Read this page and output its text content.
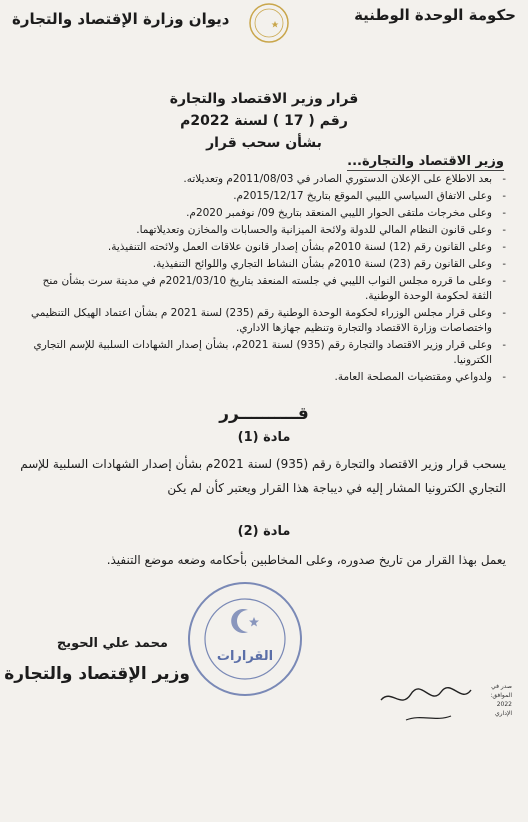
حكومة الوحدة الوطنية
ديوان وزارة الإقتصاد والتجارة
قرار وزير الاقتصاد والتجارة
رقم ( 17 ) لسنة 2022م
بشأن سحب قرار
وزير الاقتصاد والتجارة...
-
بعد الاطلاع على الإعلان الدستوري الصادر في 2011/08/03م وتعديلاته.
-
وعلى الاتفاق السياسي الليبي الموقع بتاريخ 2015/12/17م.
-
وعلى مخرجات ملتقى الحوار الليبي المنعقد بتاريخ 09/ نوفمبر 2020م.
-
وعلى قانون النظام المالي للدولة ولائحة الميزانية والحسابات والمخازن وتعديلاتهما.
-
وعلى القانون رقم (12) لسنة 2010م بشأن إصدار قانون علاقات العمل ولائحته التنفيذية.
-
وعلى القانون رقم (23) لسنة 2010م بشأن النشاط التجاري واللوائح التنفيذية.
-
وعلى ما قرره مجلس النواب الليبي في جلسته المنعقد بتاريخ 2021/03/10م في مدينة سرت بشأن منح الثقة لحكومة الوحدة الوطنية.
-
وعلى قرار مجلس الوزراء لحكومة الوحدة الوطنية رقم (235) لسنة 2021 م بشأن اعتماد الهيكل التنظيمي واختصاصات وزارة الاقتصاد والتجارة وتنظيم جهازها الاداري.
-
وعلى قرار وزير الاقتصاد والتجارة رقم (935) لسنة 2021م، بشأن إصدار الشهادات السلبية للإسم التجاري الكترونيا.
-
ولدواعي ومقتضيات المصلحة العامة.
قــــــــــرر
مادة (1)
يسحب قرار وزير الاقتصاد والتجارة رقم (935) لسنة 2021م بشأن إصدار الشهادات السلبية للإسم التجاري الكترونيا المشار إليه في ديباجة هذا القرار ويعتبر كأن لم يكن
مادة (2)
يعمل بهذا القرار من تاريخ صدوره، وعلى المخاطبين بأحكامه وضعه موضع التنفيذ.
القرارات
محمد علي الحويج
وزير الإقتصاد والتجارة
صدر في
الموافق:
2022
الإداري
